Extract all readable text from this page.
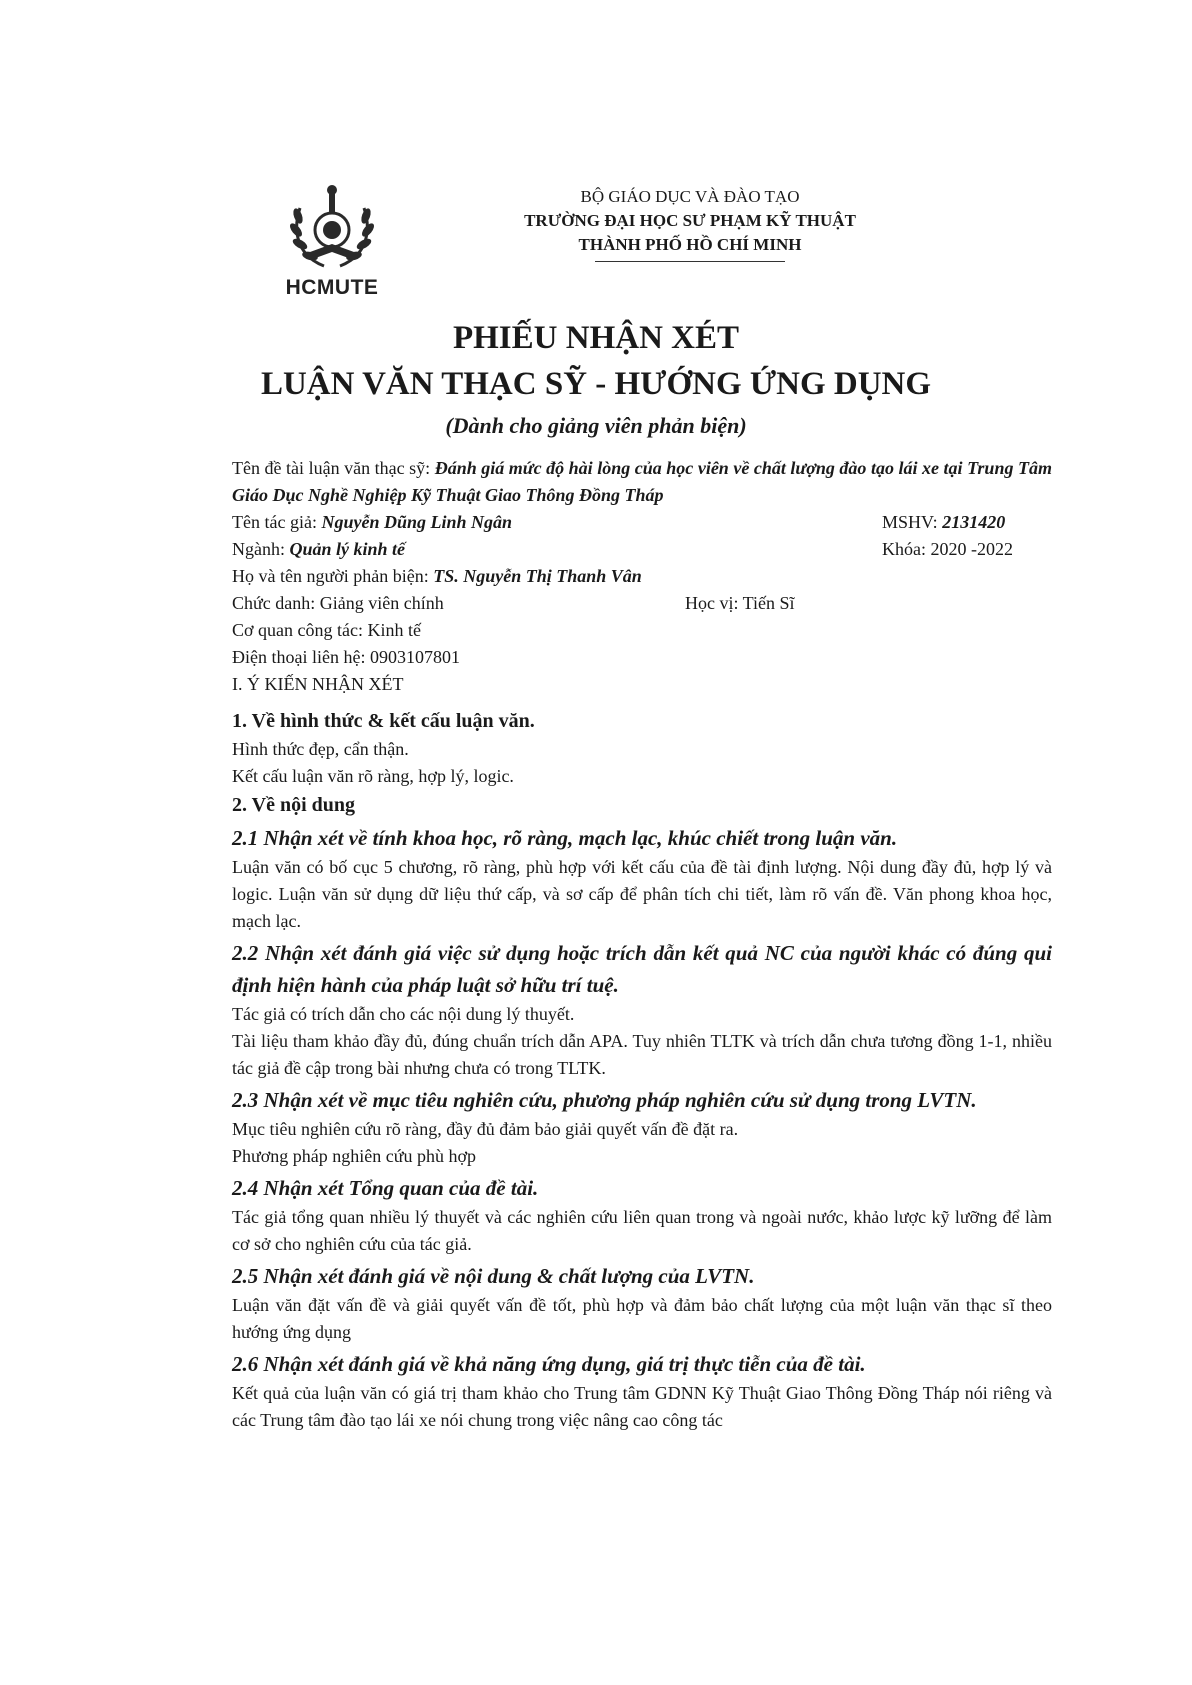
HCMUTE
BỘ GIÁO DỤC VÀ ĐÀO TẠO
TRƯỜNG ĐẠI HỌC SƯ PHẠM KỸ THUẬT
THÀNH PHỐ HỒ CHÍ MINH
PHIẾU NHẬN XÉT
LUẬN VĂN THẠC SỸ - HƯỚNG ỨNG DỤNG
(Dành cho giảng viên phản biện)

Tên đề tài luận văn thạc sỹ: Đánh giá mức độ hài lòng của học viên về chất lượng đào tạo lái xe tại Trung Tâm Giáo Dục Nghề Nghiệp Kỹ Thuật Giao Thông Đồng Tháp

Tên tác giả: Nguyễn Dũng Linh Ngân	MSHV: 2131420

Ngành: Quản lý kinh tế	Khóa: 2020 -2022

Họ và tên người phản biện: TS. Nguyễn Thị Thanh Vân

Chức danh: Giảng viên chính	Học vị: Tiến Sĩ

Cơ quan công tác: Kinh tế

Điện thoại liên hệ: 0903107801

I. Ý KIẾN NHẬN XÉT

1. Về hình thức & kết cấu luận văn.

Hình thức đẹp, cẩn thận.

Kết cấu luận văn rõ ràng, hợp lý, logic.

2. Về nội dung

2.1 Nhận xét về tính khoa học, rõ ràng, mạch lạc, khúc chiết trong luận văn.

Luận văn có bố cục 5 chương, rõ ràng, phù hợp với kết cấu của đề tài định lượng. Nội dung đầy đủ, hợp lý và logic. Luận văn sử dụng dữ liệu thứ cấp, và sơ cấp để phân tích chi tiết, làm rõ vấn đề. Văn phong khoa học, mạch lạc.

2.2 Nhận xét đánh giá việc sử dụng hoặc trích dẫn kết quả NC của người khác có đúng qui định hiện hành của pháp luật sở hữu trí tuệ.

Tác giả có trích dẫn cho các nội dung lý thuyết.

Tài liệu tham khảo đầy đủ, đúng chuẩn trích dẫn APA. Tuy nhiên TLTK và trích dẫn chưa tương đồng 1-1, nhiều tác giả đề cập trong bài nhưng chưa có trong TLTK.

2.3 Nhận xét về mục tiêu nghiên cứu, phương pháp nghiên cứu sử dụng trong LVTN.

Mục tiêu nghiên cứu rõ ràng, đầy đủ đảm bảo giải quyết vấn đề đặt ra.

Phương pháp nghiên cứu phù hợp

2.4 Nhận xét Tổng quan của đề tài.

Tác giả tổng quan nhiều lý thuyết và các nghiên cứu liên quan trong và ngoài nước, khảo lược kỹ lưỡng để làm cơ sở cho nghiên cứu của tác giả.

2.5 Nhận xét đánh giá về nội dung & chất lượng của LVTN.

Luận văn đặt vấn đề và giải quyết vấn đề tốt, phù hợp và đảm bảo chất lượng của một luận văn thạc sĩ theo hướng ứng dụng

2.6 Nhận xét đánh giá về khả năng ứng dụng, giá trị thực tiễn của đề tài.

Kết quả của luận văn có giá trị tham khảo cho Trung tâm GDNN Kỹ Thuật Giao Thông Đồng Tháp nói riêng và các Trung tâm đào tạo lái xe nói chung trong việc nâng cao công tác
